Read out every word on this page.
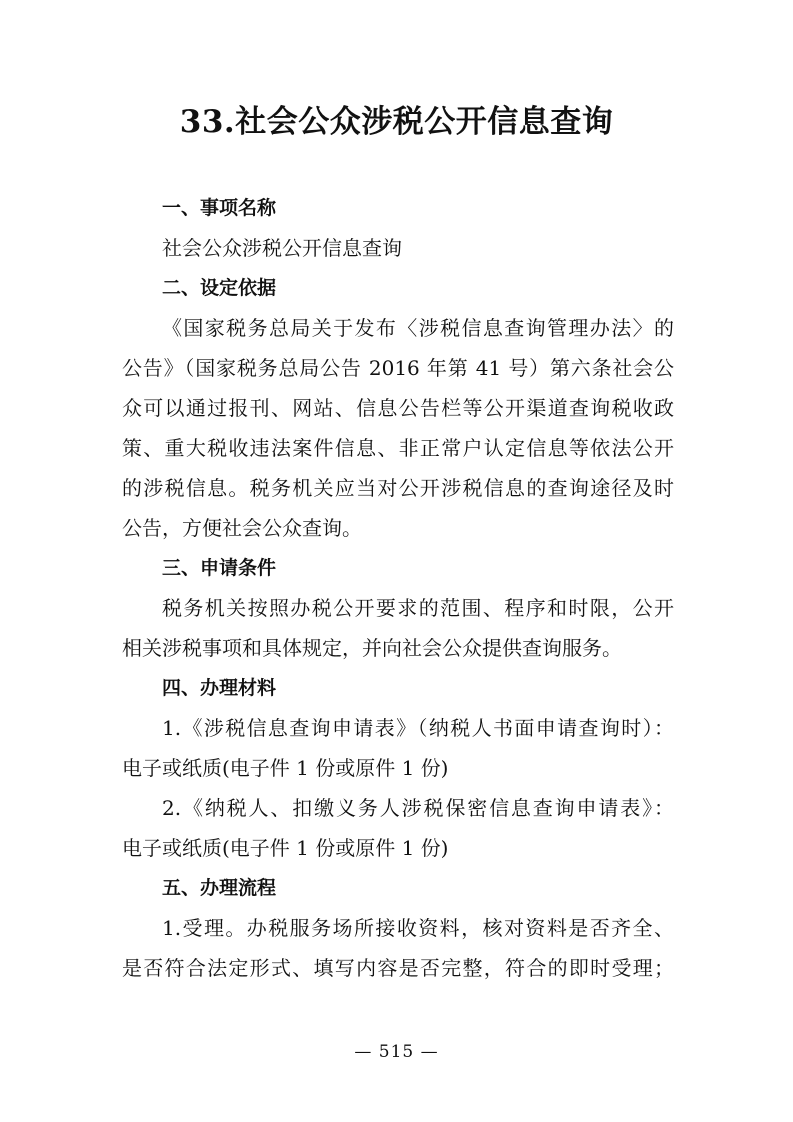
33.社会公众涉税公开信息查询
一、事项名称
社会公众涉税公开信息查询
二、设定依据
《国家税务总局关于发布〈涉税信息查询管理办法〉的
公告》（国家税务总局公告 2016 年第 41 号）第六条社会公
众可以通过报刊、网站、信息公告栏等公开渠道查询税收政
策、重大税收违法案件信息、非正常户认定信息等依法公开
的涉税信息。税务机关应当对公开涉税信息的查询途径及时
公告，方便社会公众查询。
三、申请条件
税务机关按照办税公开要求的范围、程序和时限，公开
相关涉税事项和具体规定，并向社会公众提供查询服务。
四、办理材料
1.《涉税信息查询申请表》（纳税人书面申请查询时）：
电子或纸质(电子件 1 份或原件 1 份)
2.《纳税人、扣缴义务人涉税保密信息查询申请表》：
电子或纸质(电子件 1 份或原件 1 份)
五、办理流程
1.受理。办税服务场所接收资料，核对资料是否齐全、
是否符合法定形式、填写内容是否完整，符合的即时受理；
— 515 —
